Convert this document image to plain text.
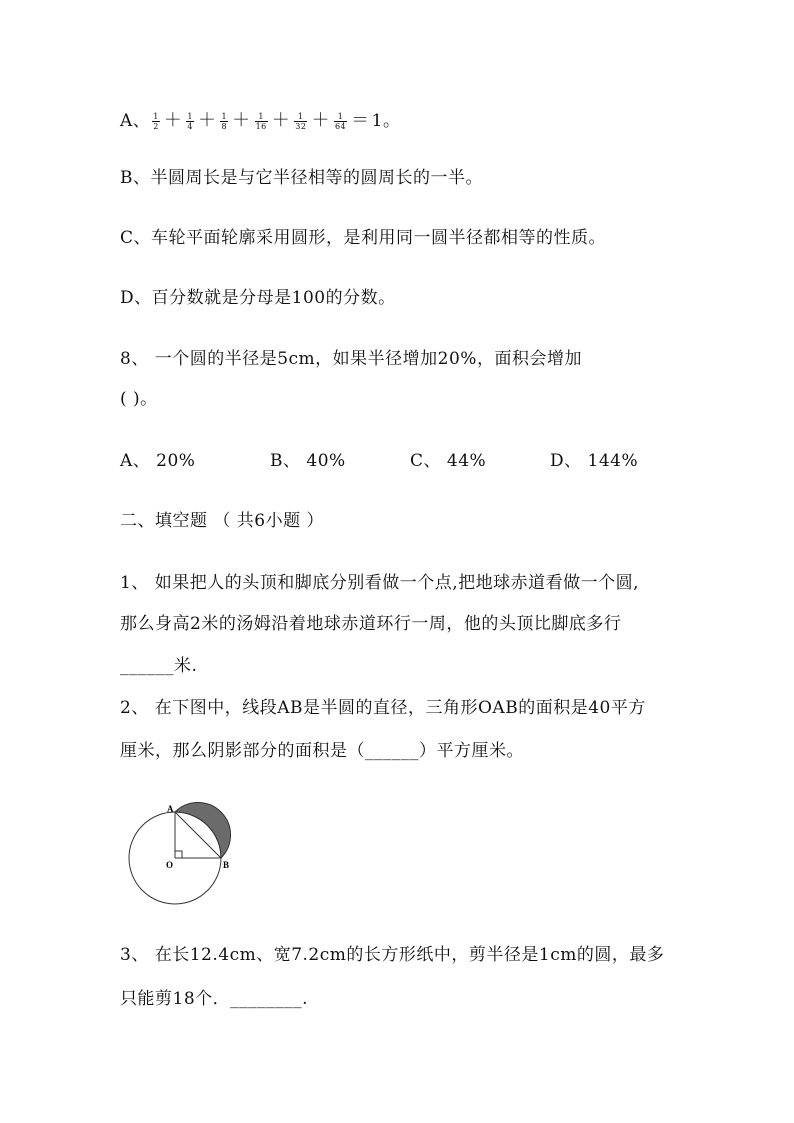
A、 $\frac{1}{2} + \frac{1}{4} + \frac{1}{8} + \frac{1}{16} + \frac{1}{32} + \frac{1}{64} = 1$。
B、半圆周长是与它半径相等的圆周长的一半。
C、车轮平面轮廓采用圆形，是利用同一圆半径都相等的性质。
D、百分数就是分母是100的分数。
8、 一个圆的半径是5cm，如果半径增加20%，面积会增加
( )。
A、 20%	B、 40%	C、 44%	D、 144%
二、填空题 （ 共6小题 ）
1、 如果把人的头顶和脚底分别看做一个点,把地球赤道看做一个圆,
那么身高2米的汤姆沿着地球赤道环行一周，他的头顶比脚底多行
______米.
2、 在下图中，线段AB是半圆的直径，三角形OAB的面积是40平方
厘米，那么阴影部分的面积是（______）平方厘米。
A
O	B
3、 在长12.4cm、宽7.2cm的长方形纸中，剪半径是1cm的圆，最多
只能剪18个．________.
